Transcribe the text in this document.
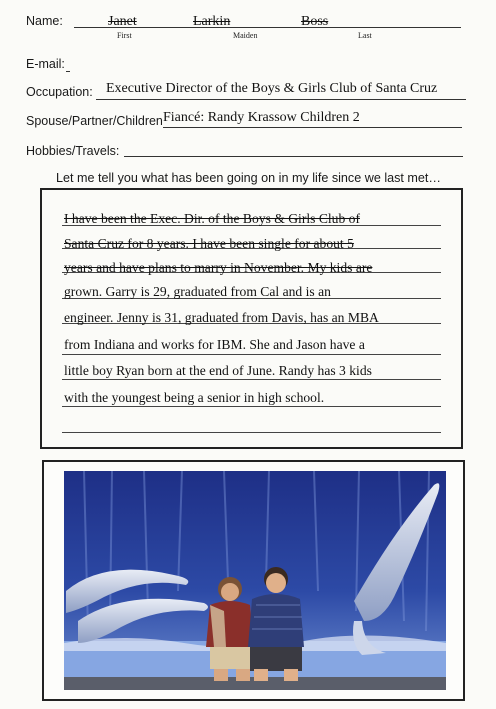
Name:	Janet
First
Larkin
Maiden
Boss
Last
E-mail:
Occupation: Executive Director of the Boys & Girls Club of Santa Cruz
Spouse/Partner/Children Fiancé: Randy Krassow Children 2
Hobbies/Travels:
Let me tell you what has been going on in my life since we last met…
I have been the Exec. Dir. of the Boys & Girls Club of
Santa Cruz for 8 years. I have been single for about 5
years and have plans to marry in November. My kids are
grown. Garry is 29, graduated from Cal and is an
engineer. Jenny is 31, graduated from Davis, has an MBA
from Indiana and works for IBM. She and Jason have a
little boy Ryan born at the end of June. Randy has 3 kids
with the youngest being a senior in high school.
